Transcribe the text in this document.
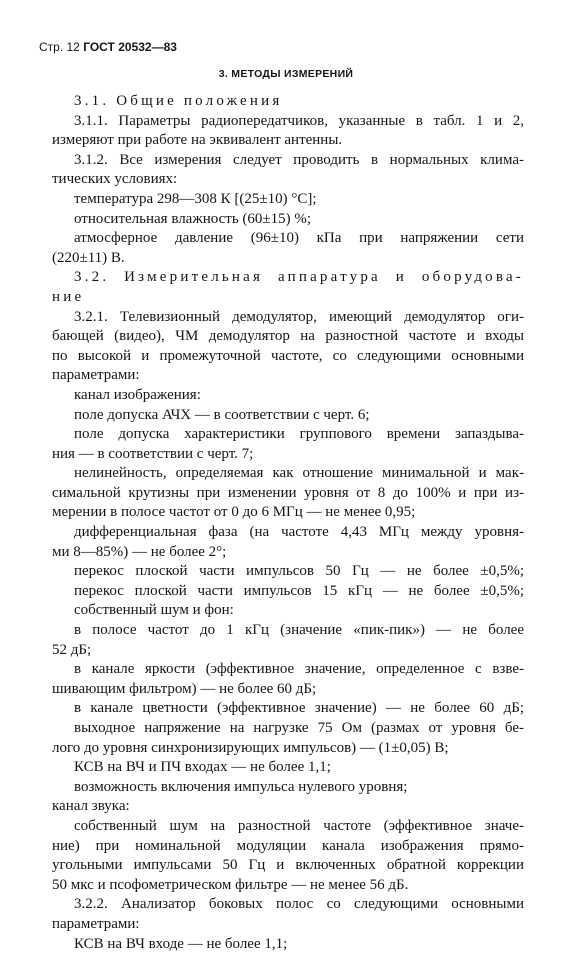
Стр. 12 ГОСТ 20532—83
3. МЕТОДЫ ИЗМЕРЕНИЙ
3.1. Общие положения
3.1.1. Параметры радиопередатчиков, указанные в табл. 1 и 2,
измеряют при работе на эквивалент антенны.
3.1.2. Все измерения следует проводить в нормальных клима-
тических условиях:
температура 298—308 К [(25±10) °С];
относительная влажность (60±15) %;
атмосферное давление (96±10) кПа при напряжении сети
(220±11) В.
3.2. Измерительная аппаратура и оборудова-
ние
3.2.1. Телевизионный демодулятор, имеющий демодулятор оги-
бающей (видео), ЧМ демодулятор на разностной частоте и входы
по высокой и промежуточной частоте, со следующими основными
параметрами:
канал изображения:
поле допуска АЧХ — в соответствии с черт. 6;
поле допуска характеристики группового времени запаздыва-
ния — в соответствии с черт. 7;
нелинейность, определяемая как отношение минимальной и мак-
симальной крутизны при изменении уровня от 8 до 100% и при из-
мерении в полосе частот от 0 до 6 МГц — не менее 0,95;
дифференциальная фаза (на частоте 4,43 МГц между уровня-
ми 8—85%) — не более 2°;
перекос плоской части импульсов 50 Гц — не более ±0,5%;
перекос плоской части импульсов 15 кГц — не более ±0,5%;
собственный шум и фон:
в полосе частот до 1 кГц (значение «пик-пик») — не более
52 дБ;
в канале яркости (эффективное значение, определенное с взве-
шивающим фильтром) — не более 60 дБ;
в канале цветности (эффективное значение) — не более 60 дБ;
выходное напряжение на нагрузке 75 Ом (размах от уровня бе-
лого до уровня синхронизирующих импульсов) — (1±0,05) В;
КСВ на ВЧ и ПЧ входах — не более 1,1;
возможность включения импульса нулевого уровня;
канал звука:
собственный шум на разностной частоте (эффективное значе-
ние) при номинальной модуляции канала изображения прямо-
угольными импульсами 50 Гц и включенных обратной коррекции
50 мкс и псофометрическом фильтре — не менее 56 дБ.
3.2.2. Анализатор боковых полос со следующими основными
параметрами:
КСВ на ВЧ входе — не более 1,1;
